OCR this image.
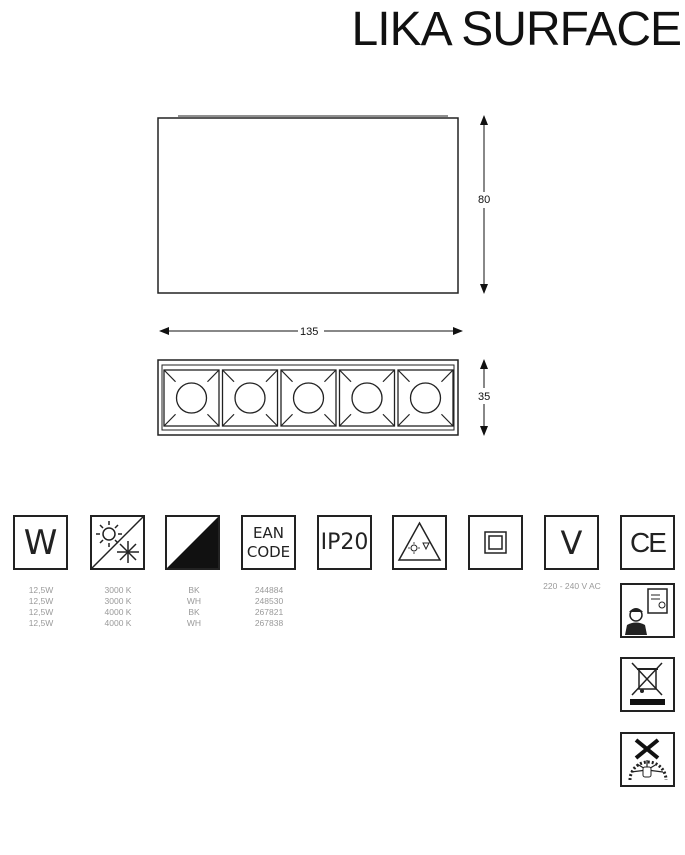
LIKA SURFACE
80
135
35
W	EAN
CODE IP20	V CE
12,5W
12,5W
12,5W
12,5W
3000 K
3000 K
4000 K
4000 K
BK
WH
BK
WH
244884
248530
267821
267838
220 - 240 V AC
